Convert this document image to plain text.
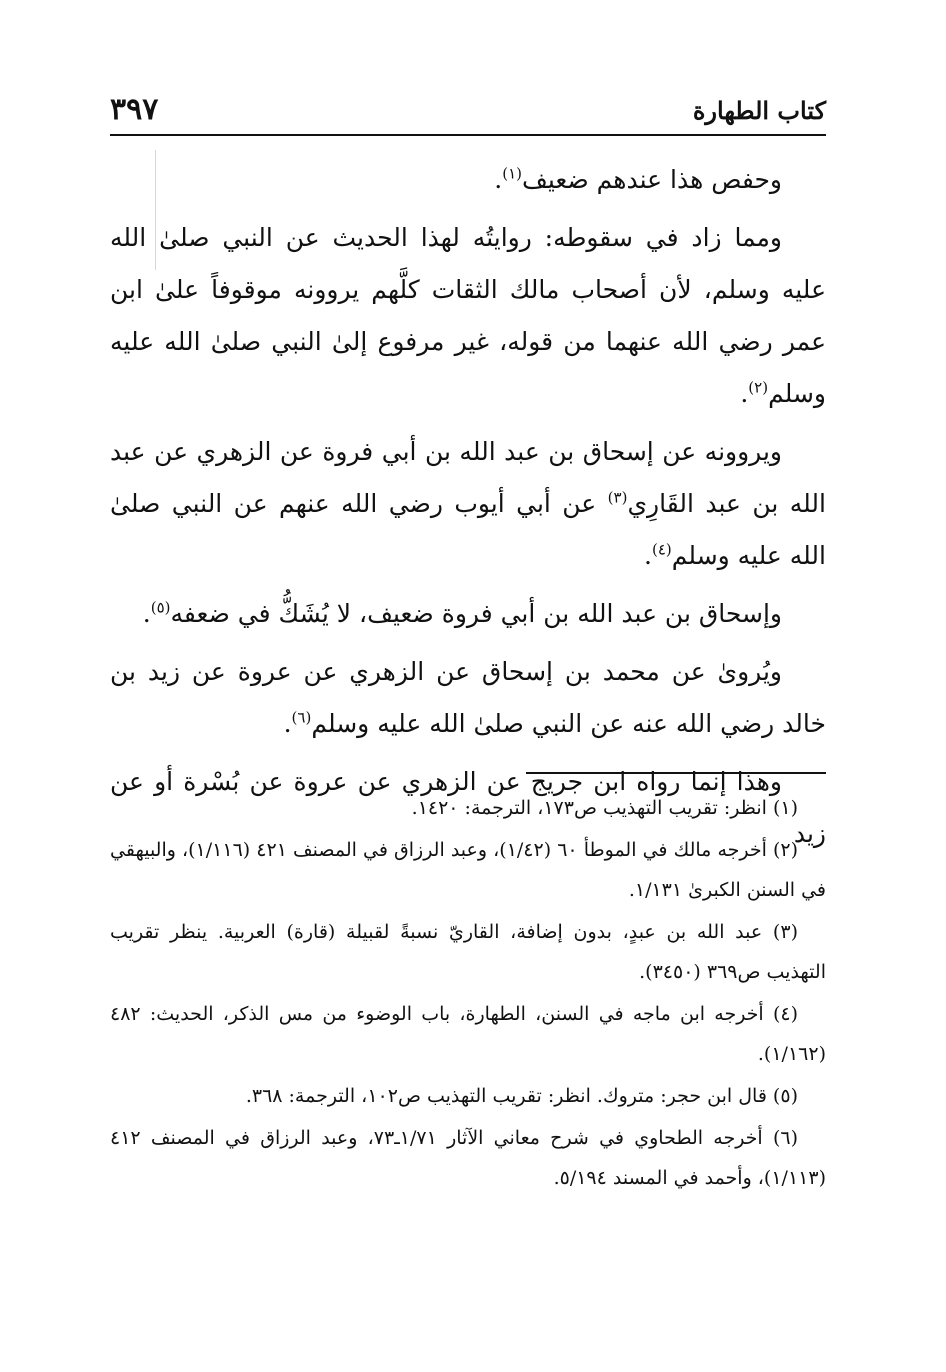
٣٩٧	كتاب الطهارة

وحفص هذا عندهم ضعيف$^{(١)}$.

ومما زاد في سقوطه: روايتُه لهذا الحديث عن النبي صلىٰ الله عليه وسلم، لأن أصحاب مالك الثقات كلَّهم يروونه موقوفاً علىٰ ابن عمر رضي الله عنهما من قوله، غير مرفوع إلىٰ النبي صلىٰ الله عليه وسلم$^{(٢)}$.

ويروونه عن إسحاق بن عبد الله بن أبي فروة عن الزهري عن عبد الله بن عبد القَارِي$^{(٣)}$ عن أبي أيوب رضي الله عنهم عن النبي صلىٰ الله عليه وسلم$^{(٤)}$.

وإسحاق بن عبد الله بن أبي فروة ضعيف، لا يُشَكُّ في ضعفه$^{(٥)}$.

ويُروىٰ عن محمد بن إسحاق عن الزهري عن عروة عن زيد بن خالد رضي الله عنه عن النبي صلىٰ الله عليه وسلم$^{(٦)}$.

وهذا إنما رواه ابن جريج عن الزهري عن عروة عن بُسْرة أو عن زيد

(١) انظر: تقريب التهذيب ص١٧٣، الترجمة: ١٤٢٠.

(٢) أخرجه مالك في الموطأ ٦٠ (١/٤٢)، وعبد الرزاق في المصنف ٤٢١ (١/١١٦)، والبيهقي في السنن الكبرىٰ ١/١٣١.

(٣) عبد الله بن عبدٍ، بدون إضافة، القاريّ نسبةً لقبيلة (قارة) العربية. ينظر تقريب التهذيب ص٣٦٩ (٣٤٥٠).

(٤) أخرجه ابن ماجه في السنن، الطهارة، باب الوضوء من مس الذكر، الحديث: ٤٨٢ (١/١٦٢).

(٥) قال ابن حجر: متروك. انظر: تقريب التهذيب ص١٠٢، الترجمة: ٣٦٨.

(٦) أخرجه الطحاوي في شرح معاني الآثار ١/٧١ـ٧٣، وعبد الرزاق في المصنف ٤١٢ (١/١١٣)، وأحمد في المسند ٥/١٩٤.
